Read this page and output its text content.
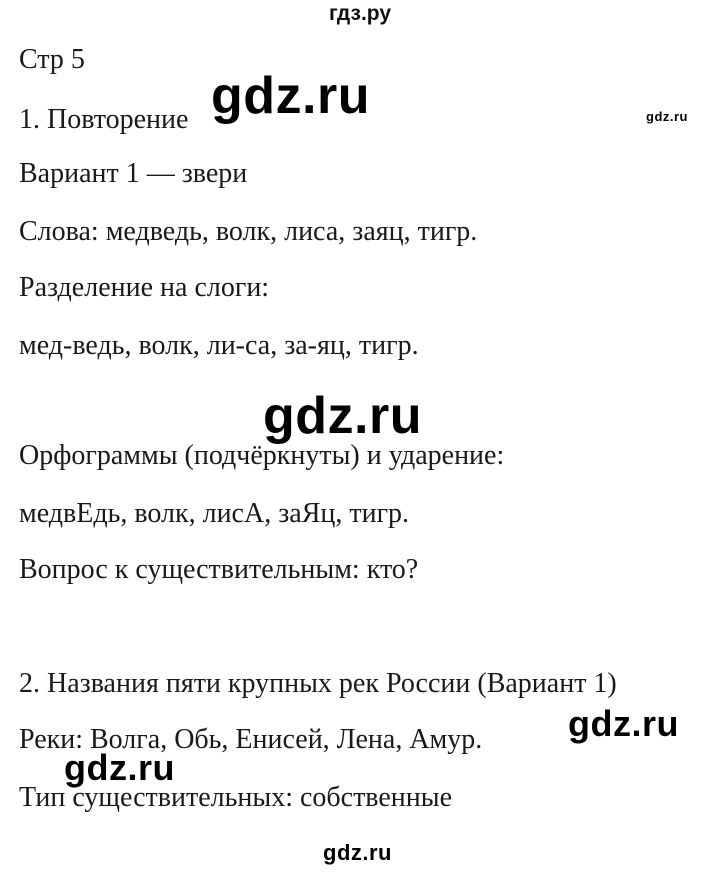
гдз.ру
Стр 5
1. Повторение
Вариант 1 — звери
Слова: медведь, волк, лиса, заяц, тигр.
Разделение на слоги:
мед-ведь, волк, ли-са, за-яц, тигр.
Орфограммы (подчёркнуты) и ударение:
медвЕдь, волк, лисА, заЯц, тигр.
Вопрос к существительным: кто?
2. Названия пяти крупных рек России (Вариант 1)
Реки: Волга, Обь, Енисей, Лена, Амур.
Тип существительных: собственные
gdz.ru	gdz.ru
gdz.ru
gdz.ru
gdz.ru
gdz.ru
